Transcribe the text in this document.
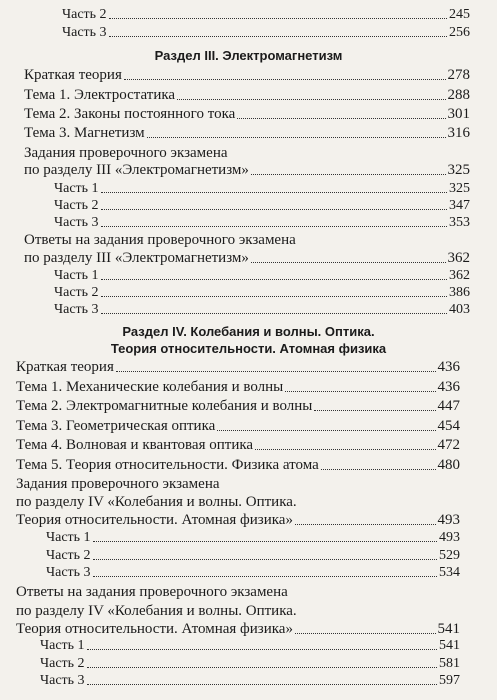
Часть 2	245
Часть 3	256
Раздел III. Электромагнетизм
Краткая теория	278
Тема 1. Электростатика	288
Тема 2. Законы постоянного тока	301
Тема 3. Магнетизм	316
Задания проверочного экзамена
по разделу III «Электромагнетизм»	325
Часть 1	325
Часть 2	347
Часть 3	353
Ответы на задания проверочного экзамена
по разделу III «Электромагнетизм»	362
Часть 1	362
Часть 2	386
Часть 3	403
Раздел IV. Колебания и волны. Оптика.
Теория относительности. Атомная физика
Краткая теория	436
Тема 1. Механические колебания и волны	436
Тема 2. Электромагнитные колебания и волны	447
Тема 3. Геометрическая оптика	454
Тема 4. Волновая и квантовая оптика	472
Тема 5. Теория относительности. Физика атома	480
Задания проверочного экзамена
по разделу IV «Колебания и волны. Оптика.
Теория относительности. Атомная физика»	493
Часть 1	493
Часть 2	529
Часть 3	534
Ответы на задания проверочного экзамена
по разделу IV «Колебания и волны. Оптика.
Теория относительности. Атомная физика»	541
Часть 1	541
Часть 2	581
Часть 3	597
